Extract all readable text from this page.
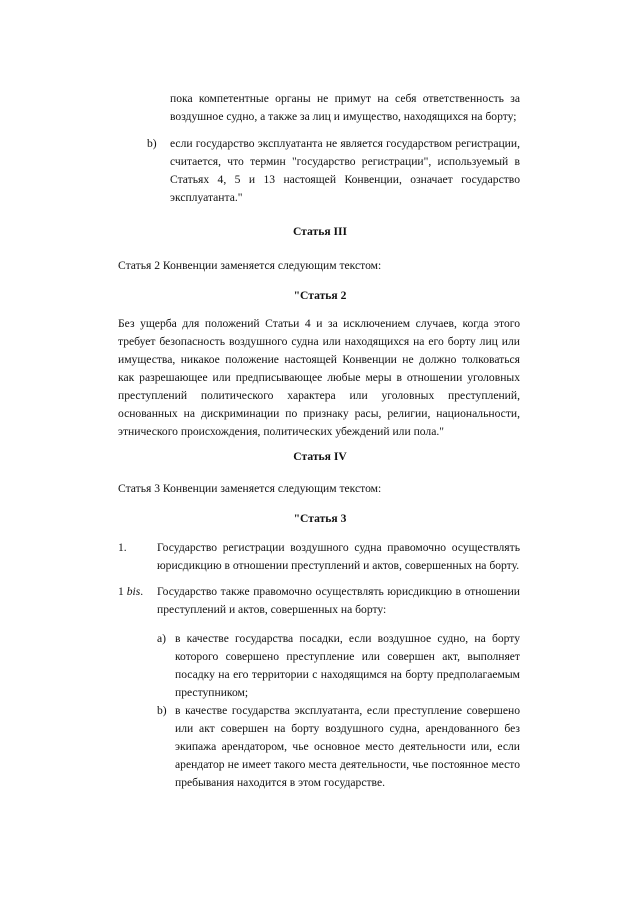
пока компетентные органы не примут на себя ответственность за воздушное судно, а также за лиц и имущество, находящихся на борту;

b) если государство эксплуатанта не является государством регистрации, считается, что термин "государство регистрации", используемый в Статьях 4, 5 и 13 настоящей Конвенции, означает государство эксплуатанта."

Статья III

Статья 2 Конвенции заменяется следующим текстом:

"Статья 2

Без ущерба для положений Статьи 4 и за исключением случаев, когда этого требует безопасность воздушного судна или находящихся на его борту лиц или имущества, никакое положение настоящей Конвенции не должно толковаться как разрешающее или предписывающее любые меры в отношении уголовных преступлений политического характера или уголовных преступлений, основанных на дискриминации по признаку расы, религии, национальности, этнического происхождения, политических убеждений или пола."

Статья IV

Статья 3 Конвенции заменяется следующим текстом:

"Статья 3

1.	Государство регистрации воздушного судна правомочно осуществлять юрисдикцию в отношении преступлений и актов, совершенных на борту.

1 bis. Государство также правомочно осуществлять юрисдикцию в отношении преступлений и актов, совершенных на борту:

a) в качестве государства посадки, если воздушное судно, на борту которого совершено преступление или совершен акт, выполняет посадку на его территории с находящимся на борту предполагаемым преступником;

b) в качестве государства эксплуатанта, если преступление совершено или акт совершен на борту воздушного судна, арендованного без экипажа арендатором, чье основное место деятельности или, если арендатор не имеет такого места деятельности, чье постоянное место пребывания находится в этом государстве.
